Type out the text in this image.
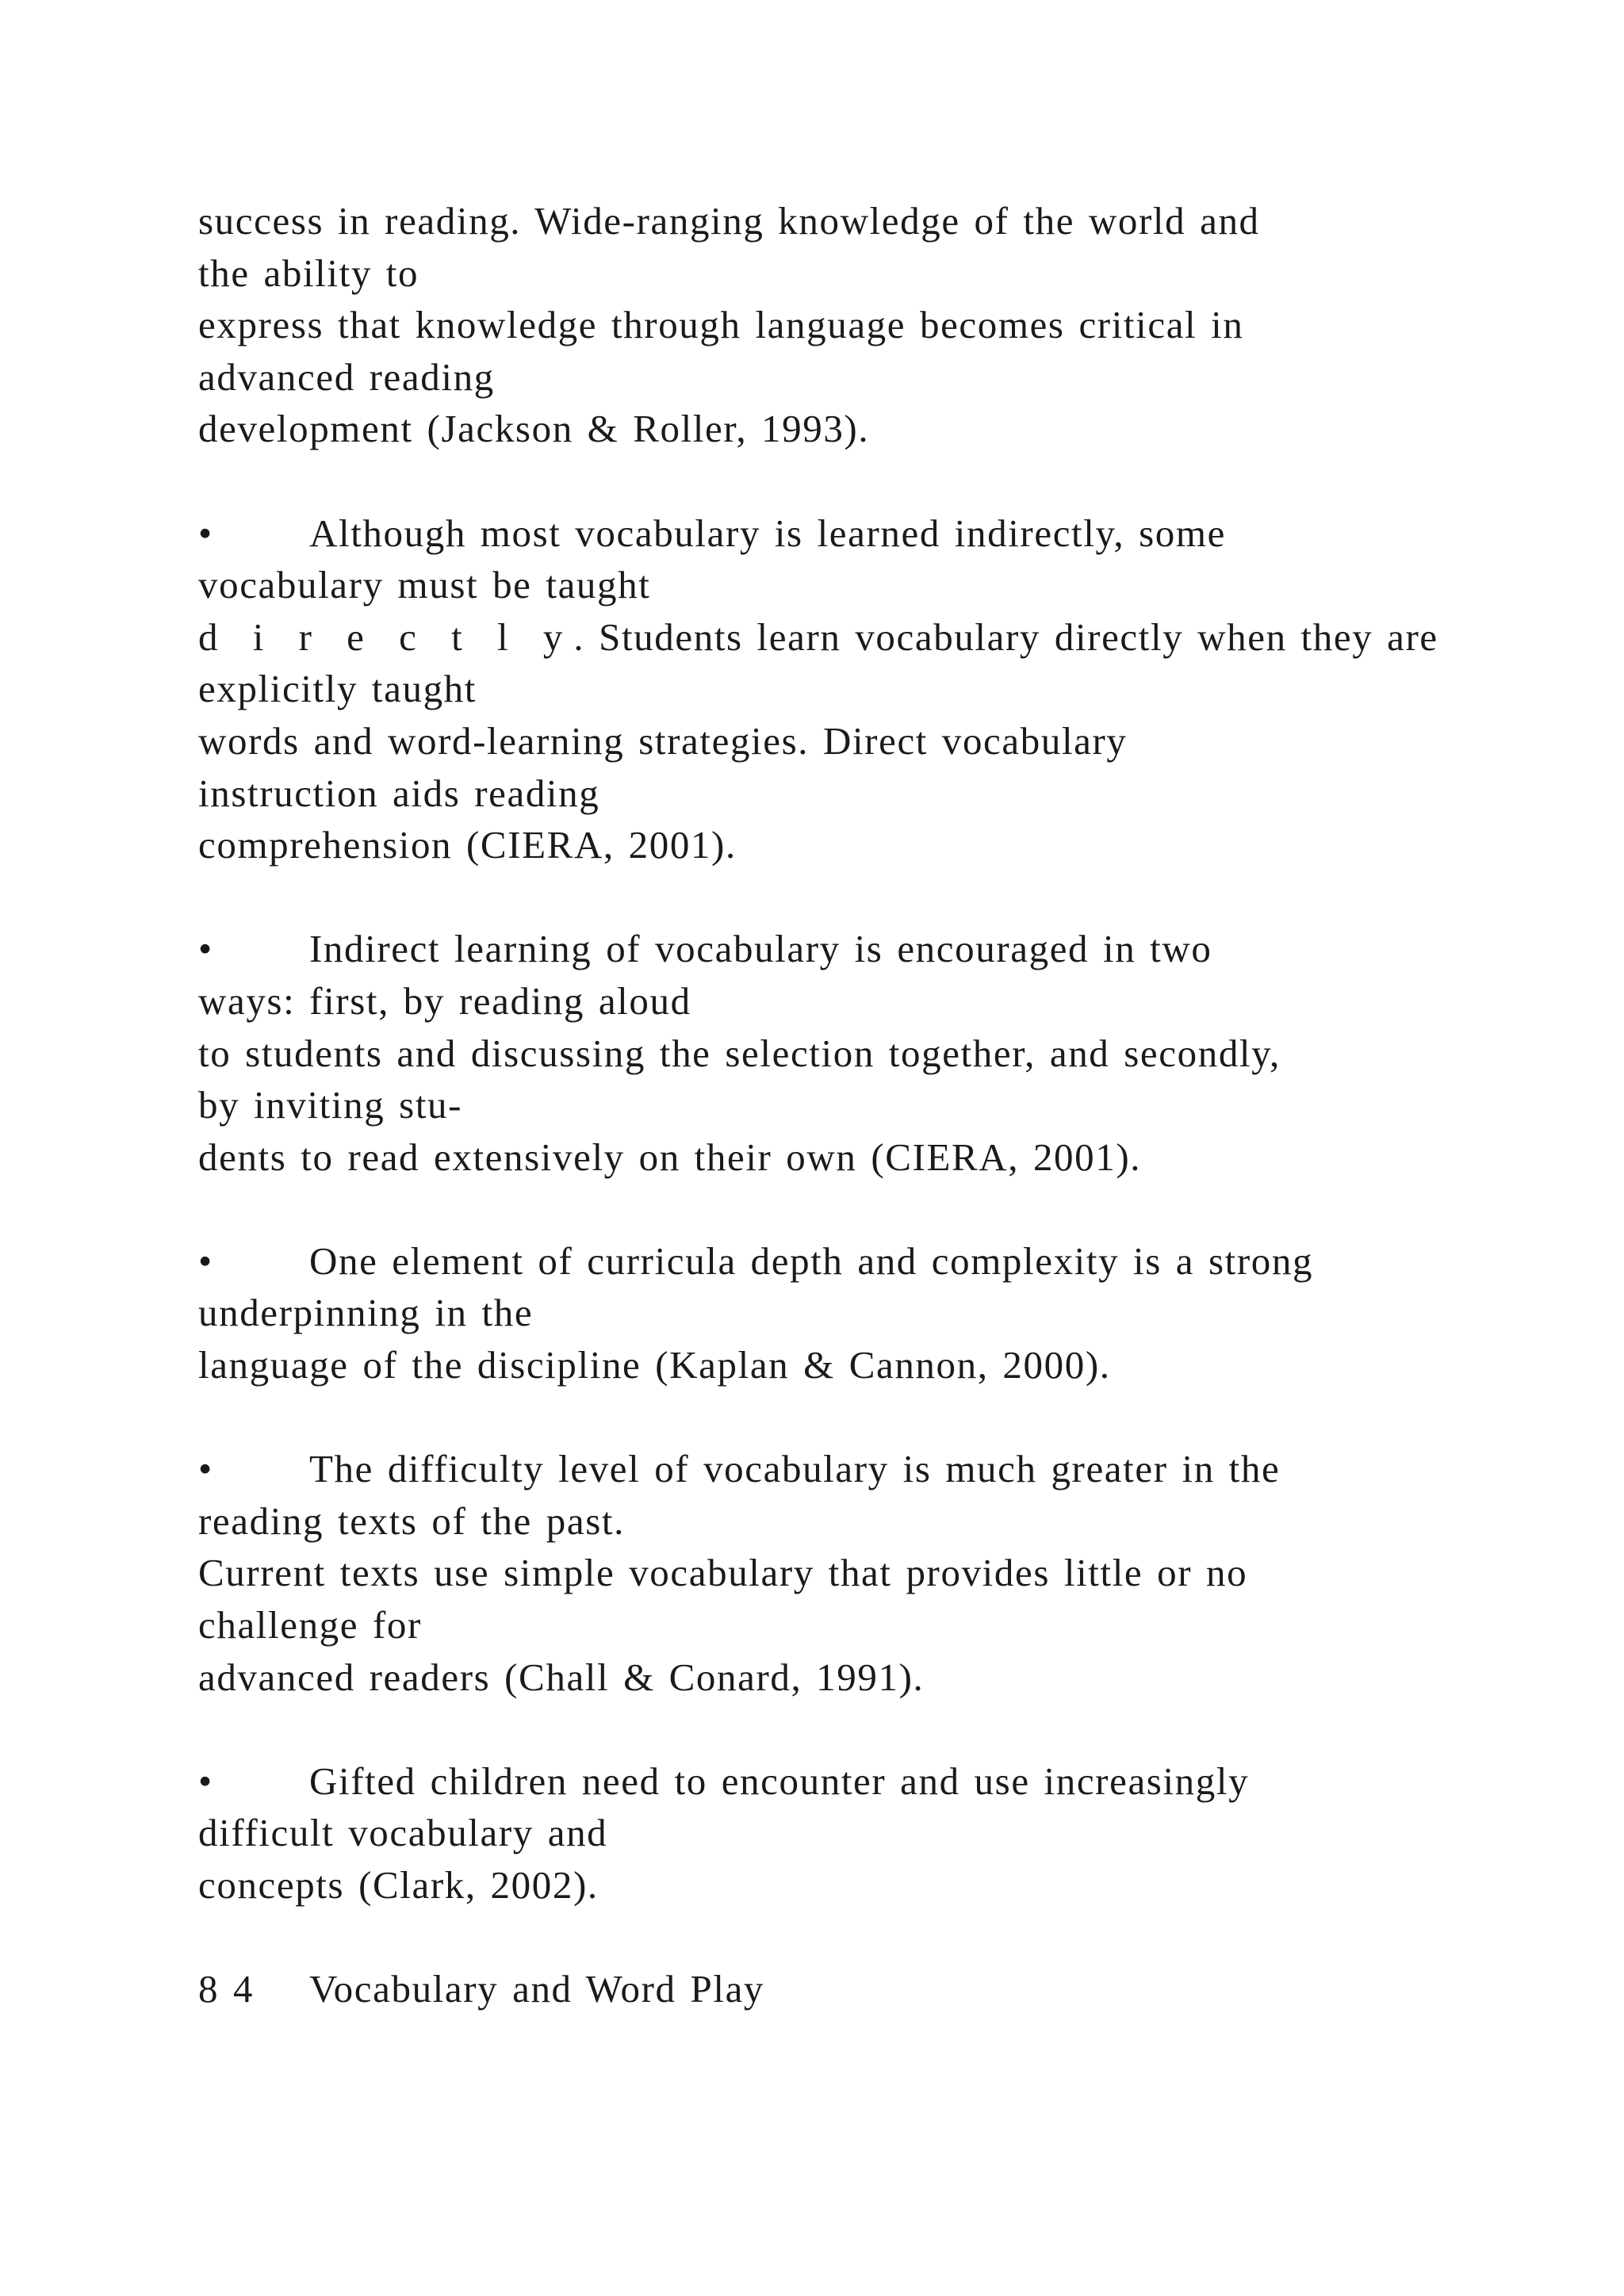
success in reading. Wide-ranging knowledge of the world and
the ability to
express that knowledge through language becomes critical in
advanced reading
development (Jackson & Roller, 1993).
• Although most vocabulary is learned indirectly, some
vocabulary must be taught
d i r e c t l y. Students learn vocabulary directly when they are
explicitly taught
words and word-learning strategies. Direct vocabulary
instruction aids reading
comprehension (CIERA, 2001).
• Indirect learning of vocabulary is encouraged in two
ways: first, by reading aloud
to students and discussing the selection together, and secondly,
by inviting stu-
dents to read extensively on their own (CIERA, 2001).
• One element of curricula depth and complexity is a strong
underpinning in the
language of the discipline (Kaplan & Cannon, 2000).
• The difficulty level of vocabulary is much greater in the
reading texts of the past.
Current texts use simple vocabulary that provides little or no
challenge for
advanced readers (Chall & Conard, 1991).
• Gifted children need to encounter and use increasingly
difficult vocabulary and
concepts (Clark, 2002).
8 4 Vocabulary and Word Play
